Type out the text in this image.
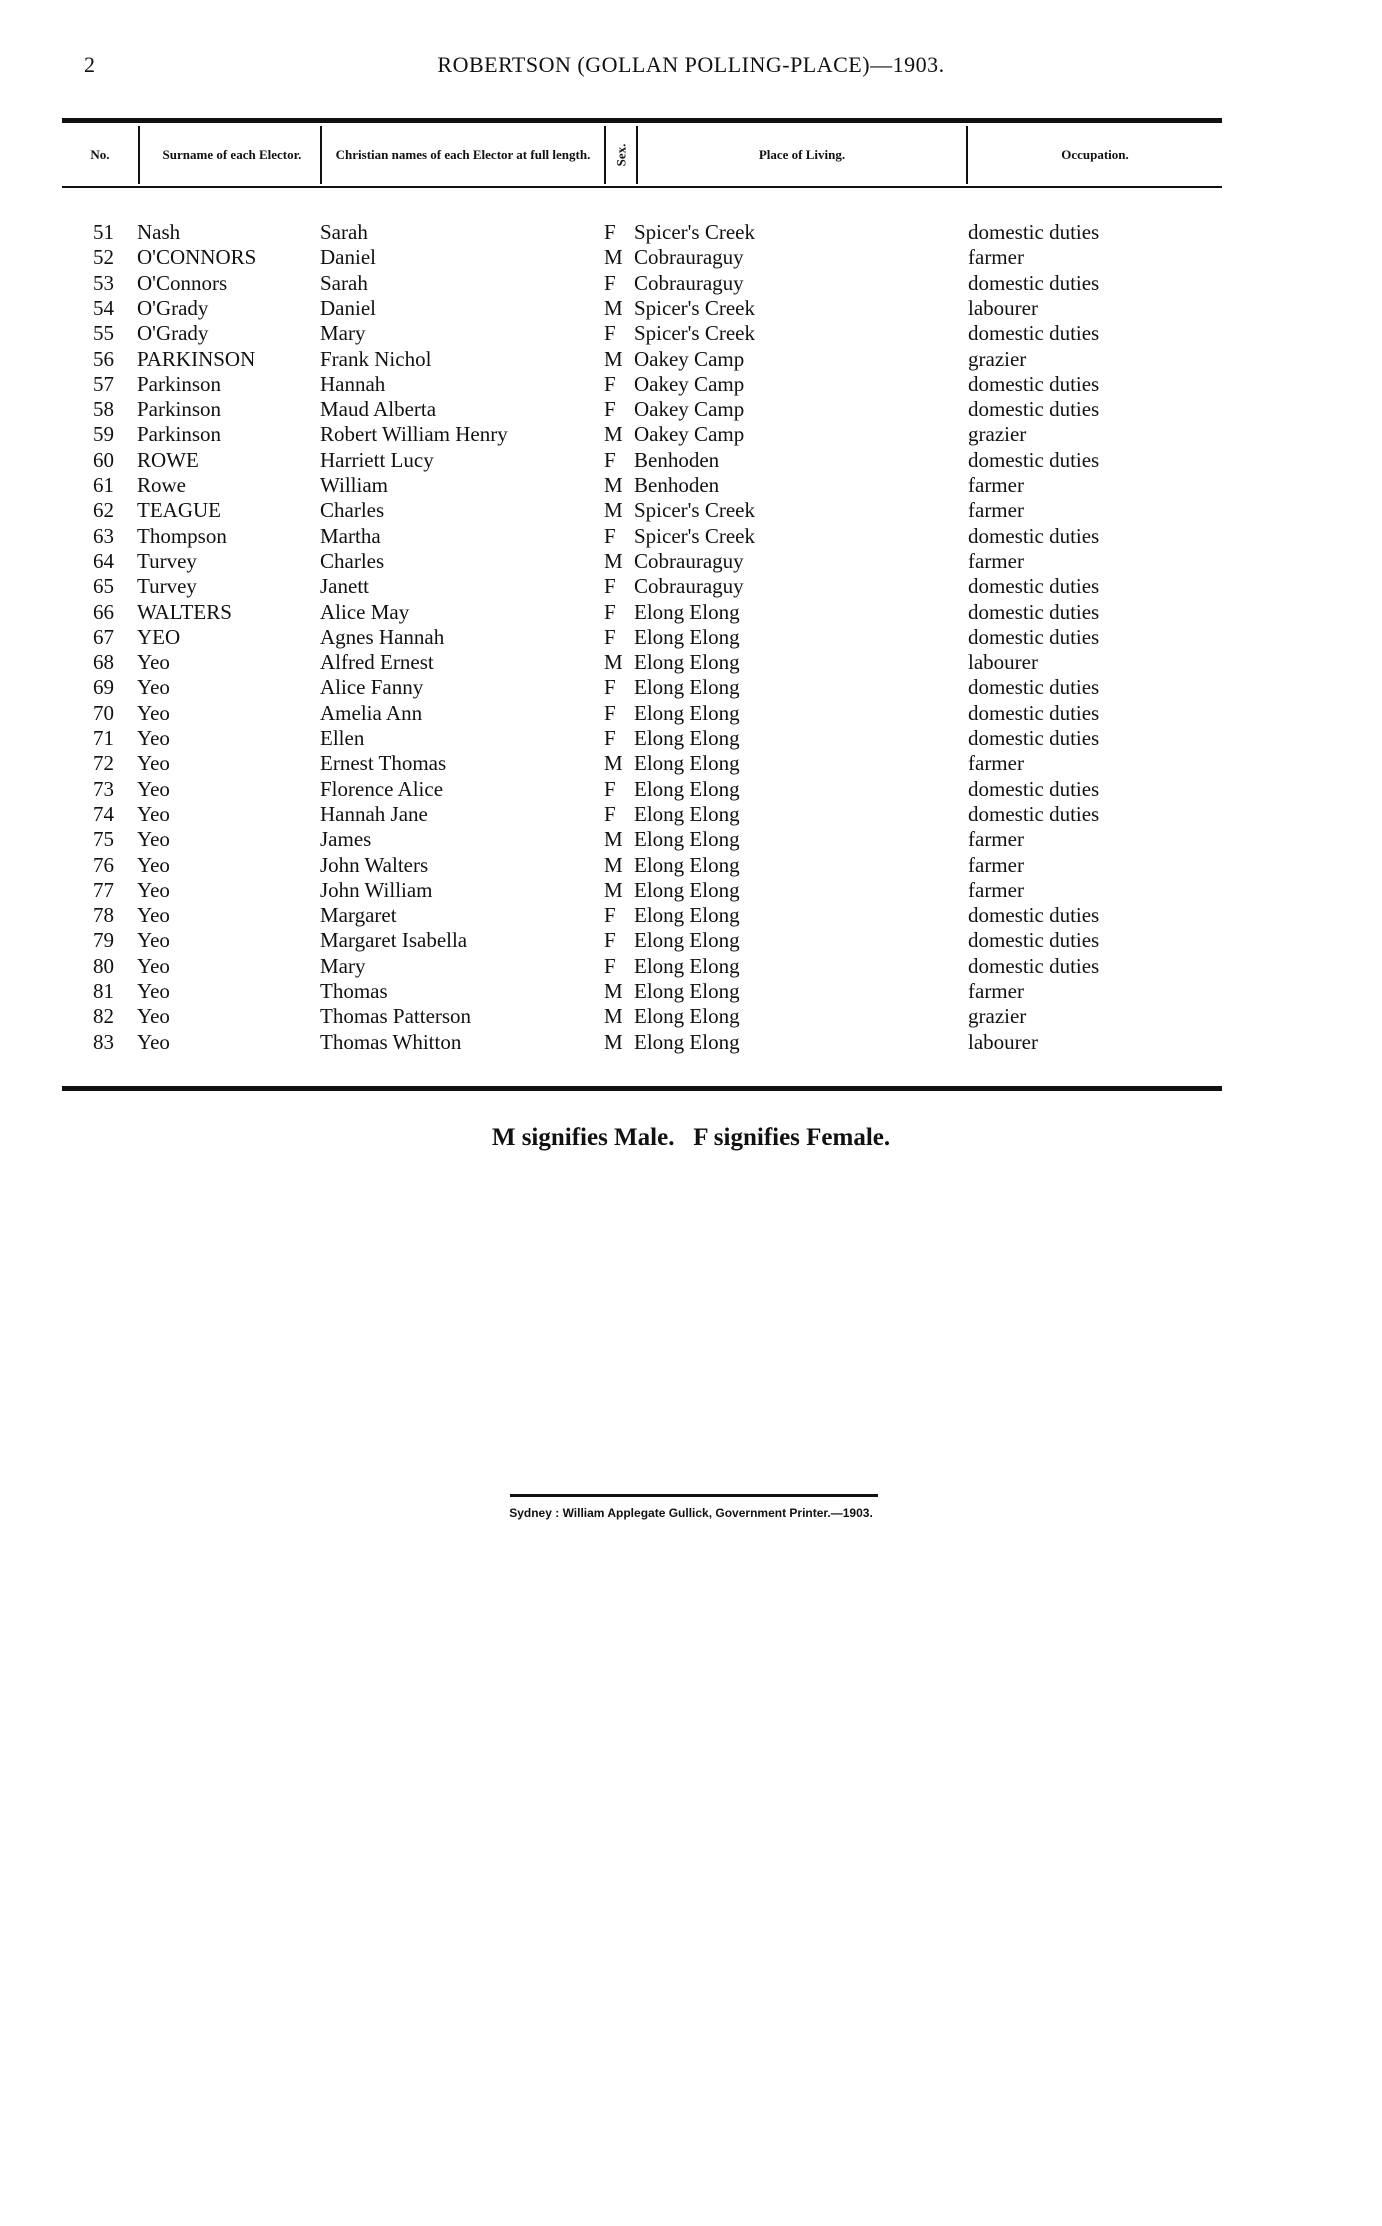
2	ROBERTSON (GOLLAN POLLING-PLACE)—1903.
No.	Surname of each Elector.	Christian names of each Elector at full length.	Sex.	Place of Living.	Occupation.
51 Nash	Sarah	F Spicer's Creek	domestic duties
52 O'CONNORS	Daniel	M Cobrauraguy	farmer
53 O'Connors	Sarah	F Cobrauraguy	domestic duties
54 O'Grady	Daniel	M Spicer's Creek	labourer
55 O'Grady	Mary	F Spicer's Creek	domestic duties
56 PARKINSON	Frank Nichol	M Oakey Camp	grazier
57 Parkinson	Hannah	F Oakey Camp	domestic duties
58 Parkinson	Maud Alberta	F Oakey Camp	domestic duties
59 Parkinson	Robert William Henry	M Oakey Camp	grazier
60 ROWE	Harriett Lucy	F Benhoden	domestic duties
61 Rowe	William	M Benhoden	farmer
62 TEAGUE	Charles	M Spicer's Creek	farmer
63 Thompson	Martha	F Spicer's Creek	domestic duties
64 Turvey	Charles	M Cobrauraguy	farmer
65 Turvey	Janett	F Cobrauraguy	domestic duties
66 WALTERS	Alice May	F Elong Elong	domestic duties
67 YEO	Agnes Hannah	F Elong Elong	domestic duties
68 Yeo	Alfred Ernest	M Elong Elong	labourer
69 Yeo	Alice Fanny	F Elong Elong	domestic duties
70 Yeo	Amelia Ann	F Elong Elong	domestic duties
71 Yeo	Ellen	F Elong Elong	domestic duties
72 Yeo	Ernest Thomas	M Elong Elong	farmer
73 Yeo	Florence Alice	F Elong Elong	domestic duties
74 Yeo	Hannah Jane	F Elong Elong	domestic duties
75 Yeo	James	M Elong Elong	farmer
76 Yeo	John Walters	M Elong Elong	farmer
77 Yeo	John William	M Elong Elong	farmer
78 Yeo	Margaret	F Elong Elong	domestic duties
79 Yeo	Margaret Isabella	F Elong Elong	domestic duties
80 Yeo	Mary	F Elong Elong	domestic duties
81 Yeo	Thomas	M Elong Elong	farmer
82 Yeo	Thomas Patterson	M Elong Elong	grazier
83 Yeo	Thomas Whitton	M Elong Elong	labourer
M signifies Male.   F signifies Female.
Sydney : William Applegate Gullick, Government Printer.—1903.
